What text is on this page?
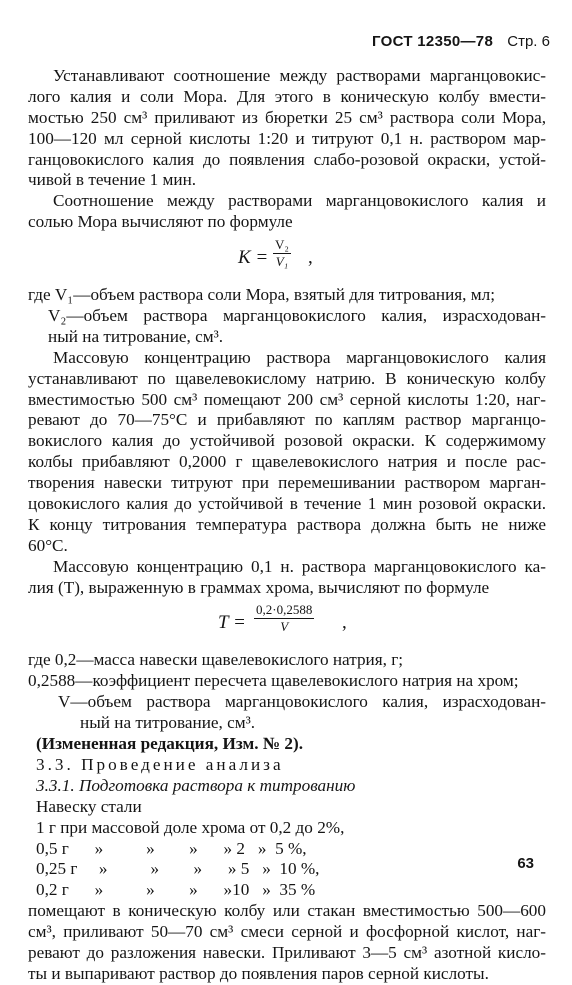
ГОСТ 12350—78 Стр. 6
Устанавливают соотношение между растворами марганцовокис-
лого калия и соли Мора. Для этого в коническую колбу вмести-
мостью 250 см³ приливают из бюретки 25 см³ раствора соли Мора,
100—120 мл серной кислоты 1:20 и титруют 0,1 н. раствором мар-
ганцовокислого калия до появления слабо-розовой окраски, устой-
чивой в течение 1 мин.
Соотношение между растворами марганцовокислого калия и
солью Мора вычисляют по формуле
$K = \frac{\text{V₂}}{\text{V₁}}$ ,
где V₁—объем раствора соли Мора, взятый для титрования, мл;
V₂—объем раствора марганцовокислого калия, израсходован-
ный на титрование, см³.
Массовую концентрацию раствора марганцовокислого калия
устанавливают по щавелевокислому натрию. В коническую колбу
вместимостью 500 см³ помещают 200 см³ серной кислоты 1:20, наг-
ревают до 70—75°С и прибавляют по каплям раствор марганцо-
вокислого калия до устойчивой розовой окраски. К содержимому
колбы прибавляют 0,2000 г щавелевокислого натрия и после рас-
творения навески титруют при перемешивании раствором марган-
цовокислого калия до устойчивой в течение 1 мин розовой окраски.
К концу титрования температура раствора должна быть не ниже
60°С.
Массовую концентрацию 0,1 н. раствора марганцовокислого ка-
лия (T), выраженную в граммах хрома, вычисляют по формуле
$T = \frac{0,2\cdot 0,2588}{V}$ ,
где 0,2—масса навески щавелевокислого натрия, г;
0,2588—коэффициент пересчета щавелевокислого натрия на хром;
V—объем раствора марганцовокислого калия, израсходован-
ный на титрование, см³.
(Измененная редакция, Изм. № 2).
3.3. Проведение анализа
3.3.1. Подготовка раствора к титрованию
Навеску стали
1 г при массовой доле хрома от 0,2 до 2%,
0,5 г      »          »        »      » 2   »  5 %,
0,25 г     »          »        »      » 5   »  10 %,
0,2 г      »          »        »      »10   »  35 %
помещают в коническую колбу или стакан вместимостью 500—600
см³, приливают 50—70 см³ смеси серной и фосфорной кислот, наг-
ревают до разложения навески. Приливают 3—5 см³ азотной кисло-
ты и выпаривают раствор до появления паров серной кислоты.
63
